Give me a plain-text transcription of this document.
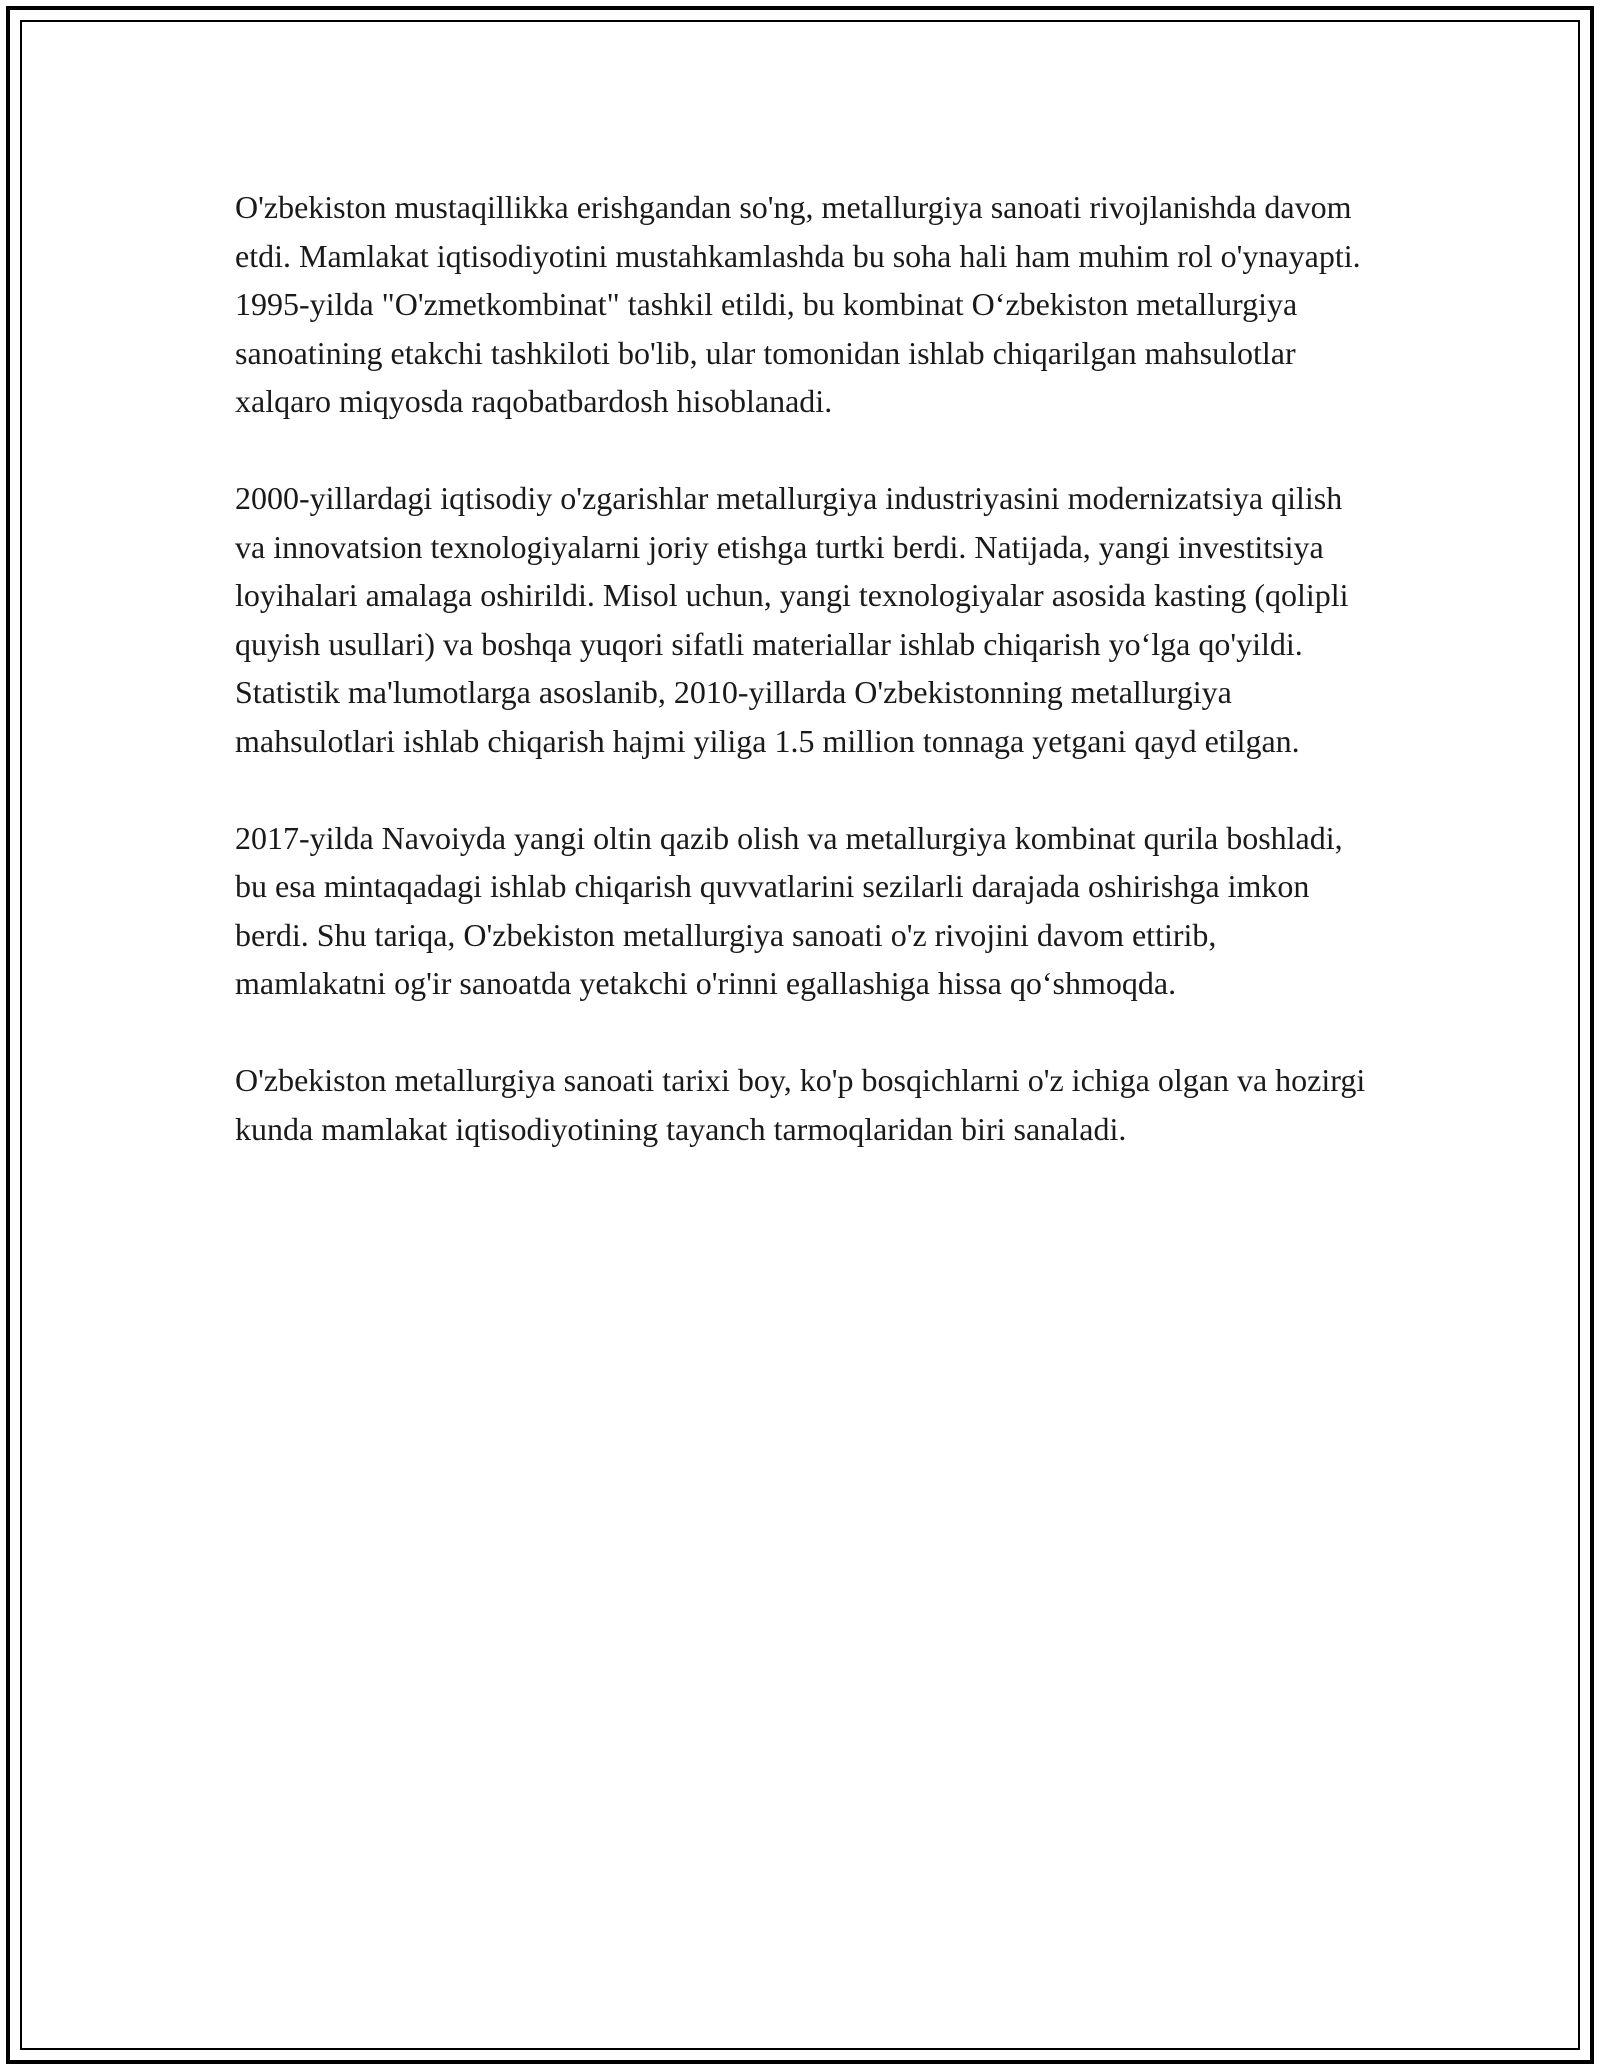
O'zbekiston mustaqillikka erishgandan so'ng, metallurgiya sanoati rivojlanishda davom etdi. Mamlakat iqtisodiyotini mustahkamlashda bu soha hali ham muhim rol o'ynayapti. 1995-yilda "O'zmetkombinat" tashkil etildi, bu kombinat O‘zbekiston metallurgiya sanoatining etakchi tashkiloti bo'lib, ular tomonidan ishlab chiqarilgan mahsulotlar xalqaro miqyosda raqobatbardosh hisoblanadi.

2000-yillardagi iqtisodiy o'zgarishlar metallurgiya industriyasini modernizatsiya qilish va innovatsion texnologiyalarni joriy etishga turtki berdi. Natijada, yangi investitsiya loyihalari amalaga oshirildi. Misol uchun, yangi texnologiyalar asosida kasting (qolipli quyish usullari) va boshqa yuqori sifatli materiallar ishlab chiqarish yo‘lga qo'yildi. Statistik ma'lumotlarga asoslanib, 2010-yillarda O'zbekistonning metallurgiya mahsulotlari ishlab chiqarish hajmi yiliga 1.5 million tonnaga yetgani qayd etilgan.

2017-yilda Navoiyda yangi oltin qazib olish va metallurgiya kombinat qurila boshladi, bu esa mintaqadagi ishlab chiqarish quvvatlarini sezilarli darajada oshirishga imkon berdi. Shu tariqa, O'zbekiston metallurgiya sanoati o'z rivojini davom ettirib, mamlakatni og'ir sanoatda yetakchi o'rinni egallashiga hissa qo‘shmoqda.

O'zbekiston metallurgiya sanoati tarixi boy, ko'p bosqichlarni o'z ichiga olgan va hozirgi kunda mamlakat iqtisodiyotining tayanch tarmoqlaridan biri sanaladi.
